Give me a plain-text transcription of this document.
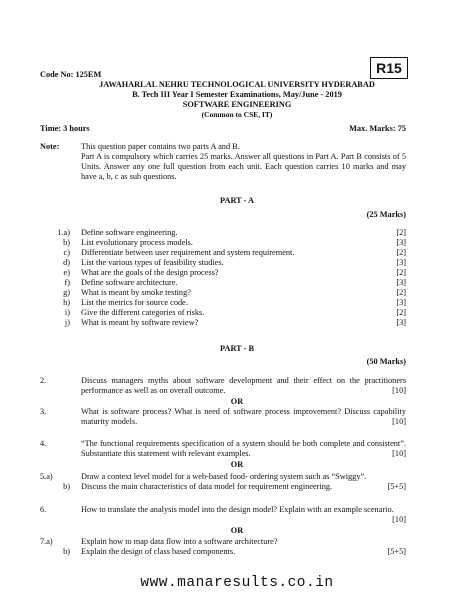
Code No: 125EM	R15
JAWAHARLAL NEHRU TECHNOLOGICAL UNIVERSITY HYDERABAD
B. Tech III Year I Semester Examinations, May/June - 2019
SOFTWARE ENGINEERING
(Common to CSE, IT)
Time: 3 hours	Max. Marks: 75
Note:	This question paper contains two parts A and B.
Part A is compulsory which carries 25 marks. Answer all questions in Part A. Part B consists of 5 Units. Answer any one full question from each unit. Each question carries 10 marks and may have a, b, c as sub questions.
PART - A
(25 Marks)
1.a) Define software engineering.	[2]
b) List evolutionary process models.	[3]
c) Differentiate between user requirement and system requirement.	[2]
d) List the various types of feasibility studies.	[3]
e) What are the goals of the design process?	[2]
f) Define software architecture.	[3]
g) What is meant by smoke testing?	[2]
h) List the metrics for source code.	[3]
i) Give the different categories of risks.	[2]
j) What is meant by software review?	[3]
PART - B
(50 Marks)
2.	Discuss managers myths about software development and their effect on the practitioners performance as well as on overall outcome.	[10]
OR
3.	What is software process? What is need of software process improvement? Discuss capability maturity models.	[10]
4.	“The functional requirements specification of a system should be both complete and consistent”. Substantiate this statement with relevant examples.	[10]
OR
5.a)	Draw a context level model for a web-based food- ordering system such as “Swiggy”.
b) Discuss the main characteristics of data model for requirement engineering.	[5+5]
6.	How to translate the analysis model into the design model? Explain with an example scenario.
[10]
OR
7.a)	Explain how to map data flow into a software architecture?
b) Explain the design of class based components.	[5+5]
www.manaresults.co.in
